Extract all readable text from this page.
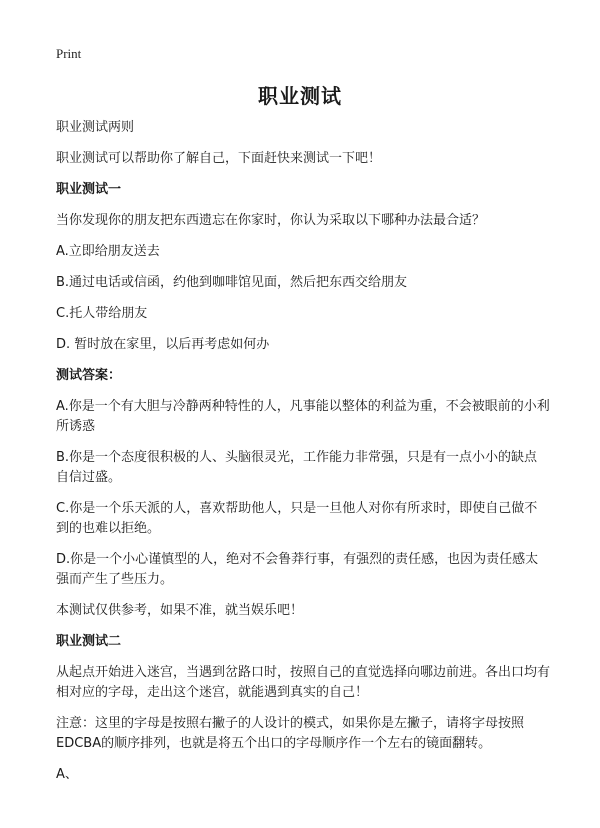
Print
职业测试

职业测试两则

职业测试可以帮助你了解自己，下面赶快来测试一下吧！

职业测试一

当你发现你的朋友把东西遗忘在你家时，你认为采取以下哪种办法最合适？

A.立即给朋友送去

B.通过电话或信函，约他到咖啡馆见面，然后把东西交给朋友

C.托人带给朋友

D. 暂时放在家里，以后再考虑如何办

测试答案：

A.你是一个有大胆与冷静两种特性的人，凡事能以整体的利益为重，不会被眼前的小利所诱惑

B.你是一个态度很积极的人、头脑很灵光，工作能力非常强，只是有一点小小的缺点自信过盛。

C.你是一个乐天派的人，喜欢帮助他人，只是一旦他人对你有所求时，即使自己做不到的也难以拒绝。

D.你是一个小心谨慎型的人，绝对不会鲁莽行事，有强烈的责任感，也因为责任感太强而产生了些压力。

本测试仅供参考，如果不准，就当娱乐吧！

职业测试二

从起点开始进入迷宫，当遇到岔路口时，按照自己的直觉选择向哪边前进。各出口均有相对应的字母，走出这个迷宫，就能遇到真实的自己！

注意：这里的字母是按照右撇子的人设计的模式，如果你是左撇子，请将字母按照EDCBA的顺序排列，也就是将五个出口的字母顺序作一个左右的镜面翻转。

A、
